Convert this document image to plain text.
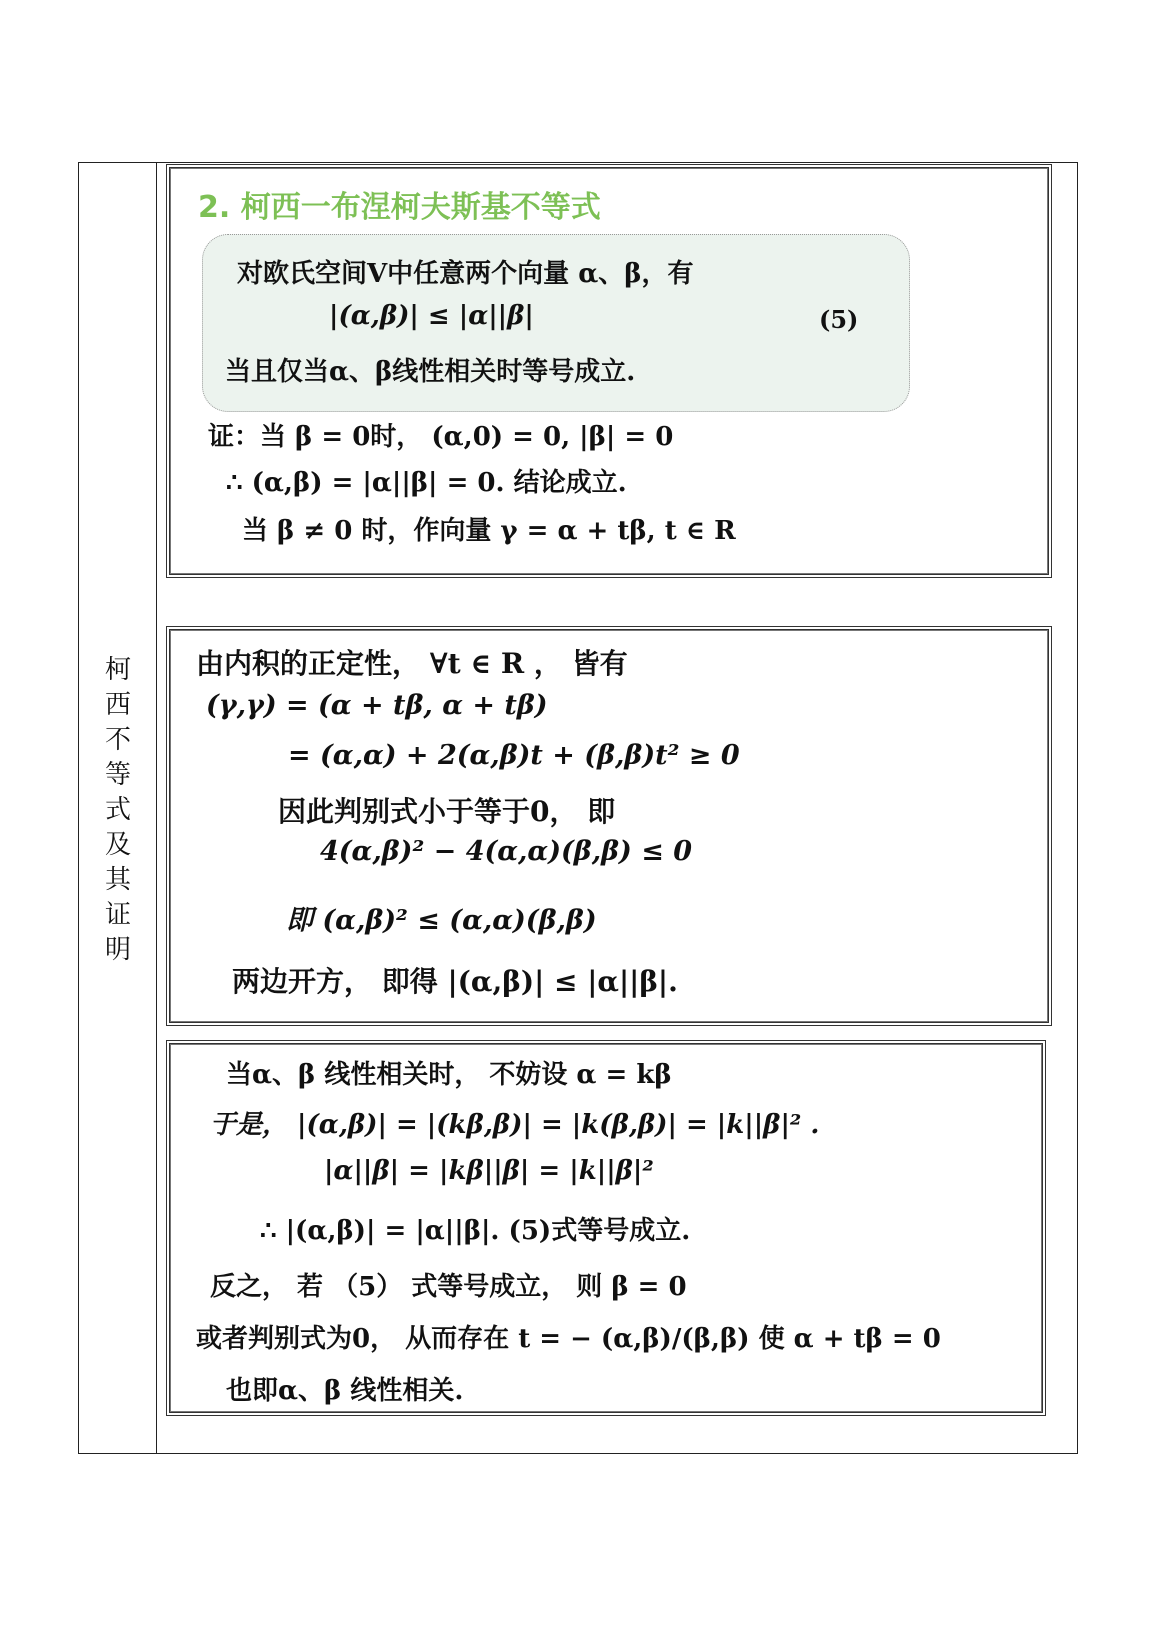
柯
西
不
等
式
及
其
证
明
2. 柯西一布涅柯夫斯基不等式
对欧氏空间V中任意两个向量 α、β，有
|(α,β)| ≤ |α||β|	(5)
当且仅当α、β线性相关时等号成立.
证：当 β = 0时， (α,0) = 0, |β| = 0
∴ (α,β) = |α||β| = 0. 结论成立.
当 β ≠ 0 时，作向量 γ = α + tβ, t ∈ R
由内积的正定性， ∀t ∈ R ， 皆有
(γ,γ) = (α + tβ, α + tβ)
= (α,α) + 2(α,β)t + (β,β)t² ≥ 0
因此判别式小于等于0， 即
4(α,β)² − 4(α,α)(β,β) ≤ 0
即 (α,β)² ≤ (α,α)(β,β)
两边开方， 即得 |(α,β)| ≤ |α||β|.
当α、β 线性相关时， 不妨设 α = kβ
于是， |(α,β)| = |(kβ,β)| = |k(β,β)| = |k||β|² .
|α||β| = |kβ||β| = |k||β|²
∴ |(α,β)| = |α||β|. (5)式等号成立.
反之， 若 （5） 式等号成立， 则 β = 0
或者判别式为0， 从而存在 t = − (α,β)/(β,β) 使 α + tβ = 0
也即α、β 线性相关.
